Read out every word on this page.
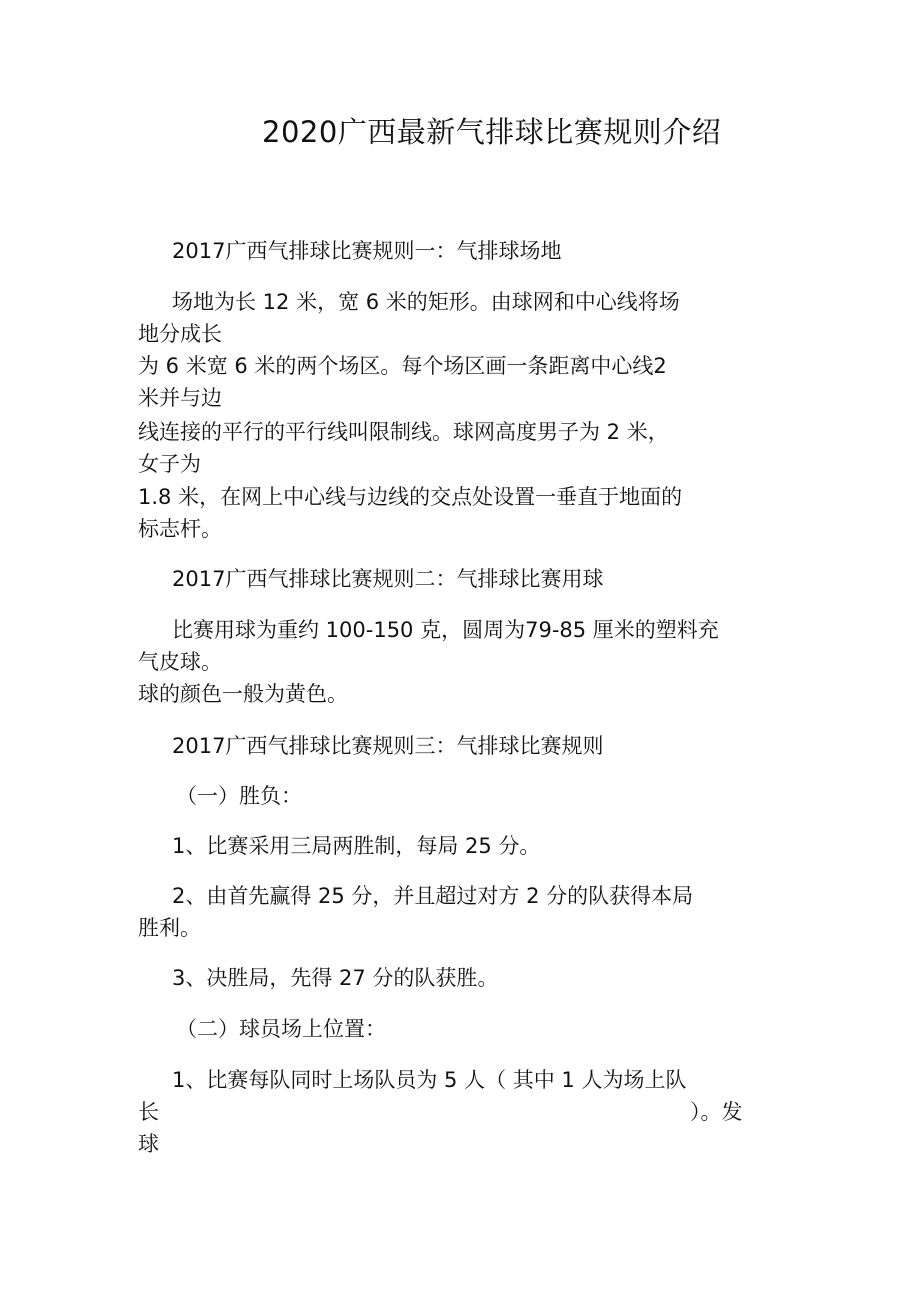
2020广西最新气排球比赛规则介绍
2017广西气排球比赛规则一：气排球场地
场地为长 12 米，宽 6 米的矩形。由球网和中心线将场
地分成长
为 6 米宽 6 米的两个场区。每个场区画一条距离中心线2
米并与边
线连接的平行的平行线叫限制线。球网高度男子为 2 米，
女子为
1.8 米，在网上中心线与边线的交点处设置一垂直于地面的
标志杆。
2017广西气排球比赛规则二：气排球比赛用球
比赛用球为重约 100-150 克，圆周为79-85 厘米的塑料充
气皮球。
球的颜色一般为黄色。
2017广西气排球比赛规则三：气排球比赛规则
（一）胜负：
1、比赛采用三局两胜制，每局 25 分。
2、由首先赢得 25 分，并且超过对方 2 分的队获得本局
胜利。
3、决胜局，先得 27 分的队获胜。
（二）球员场上位置：
1、比赛每队同时上场队员为 5 人（ 其中 1 人为场上队
长	）。发
球
